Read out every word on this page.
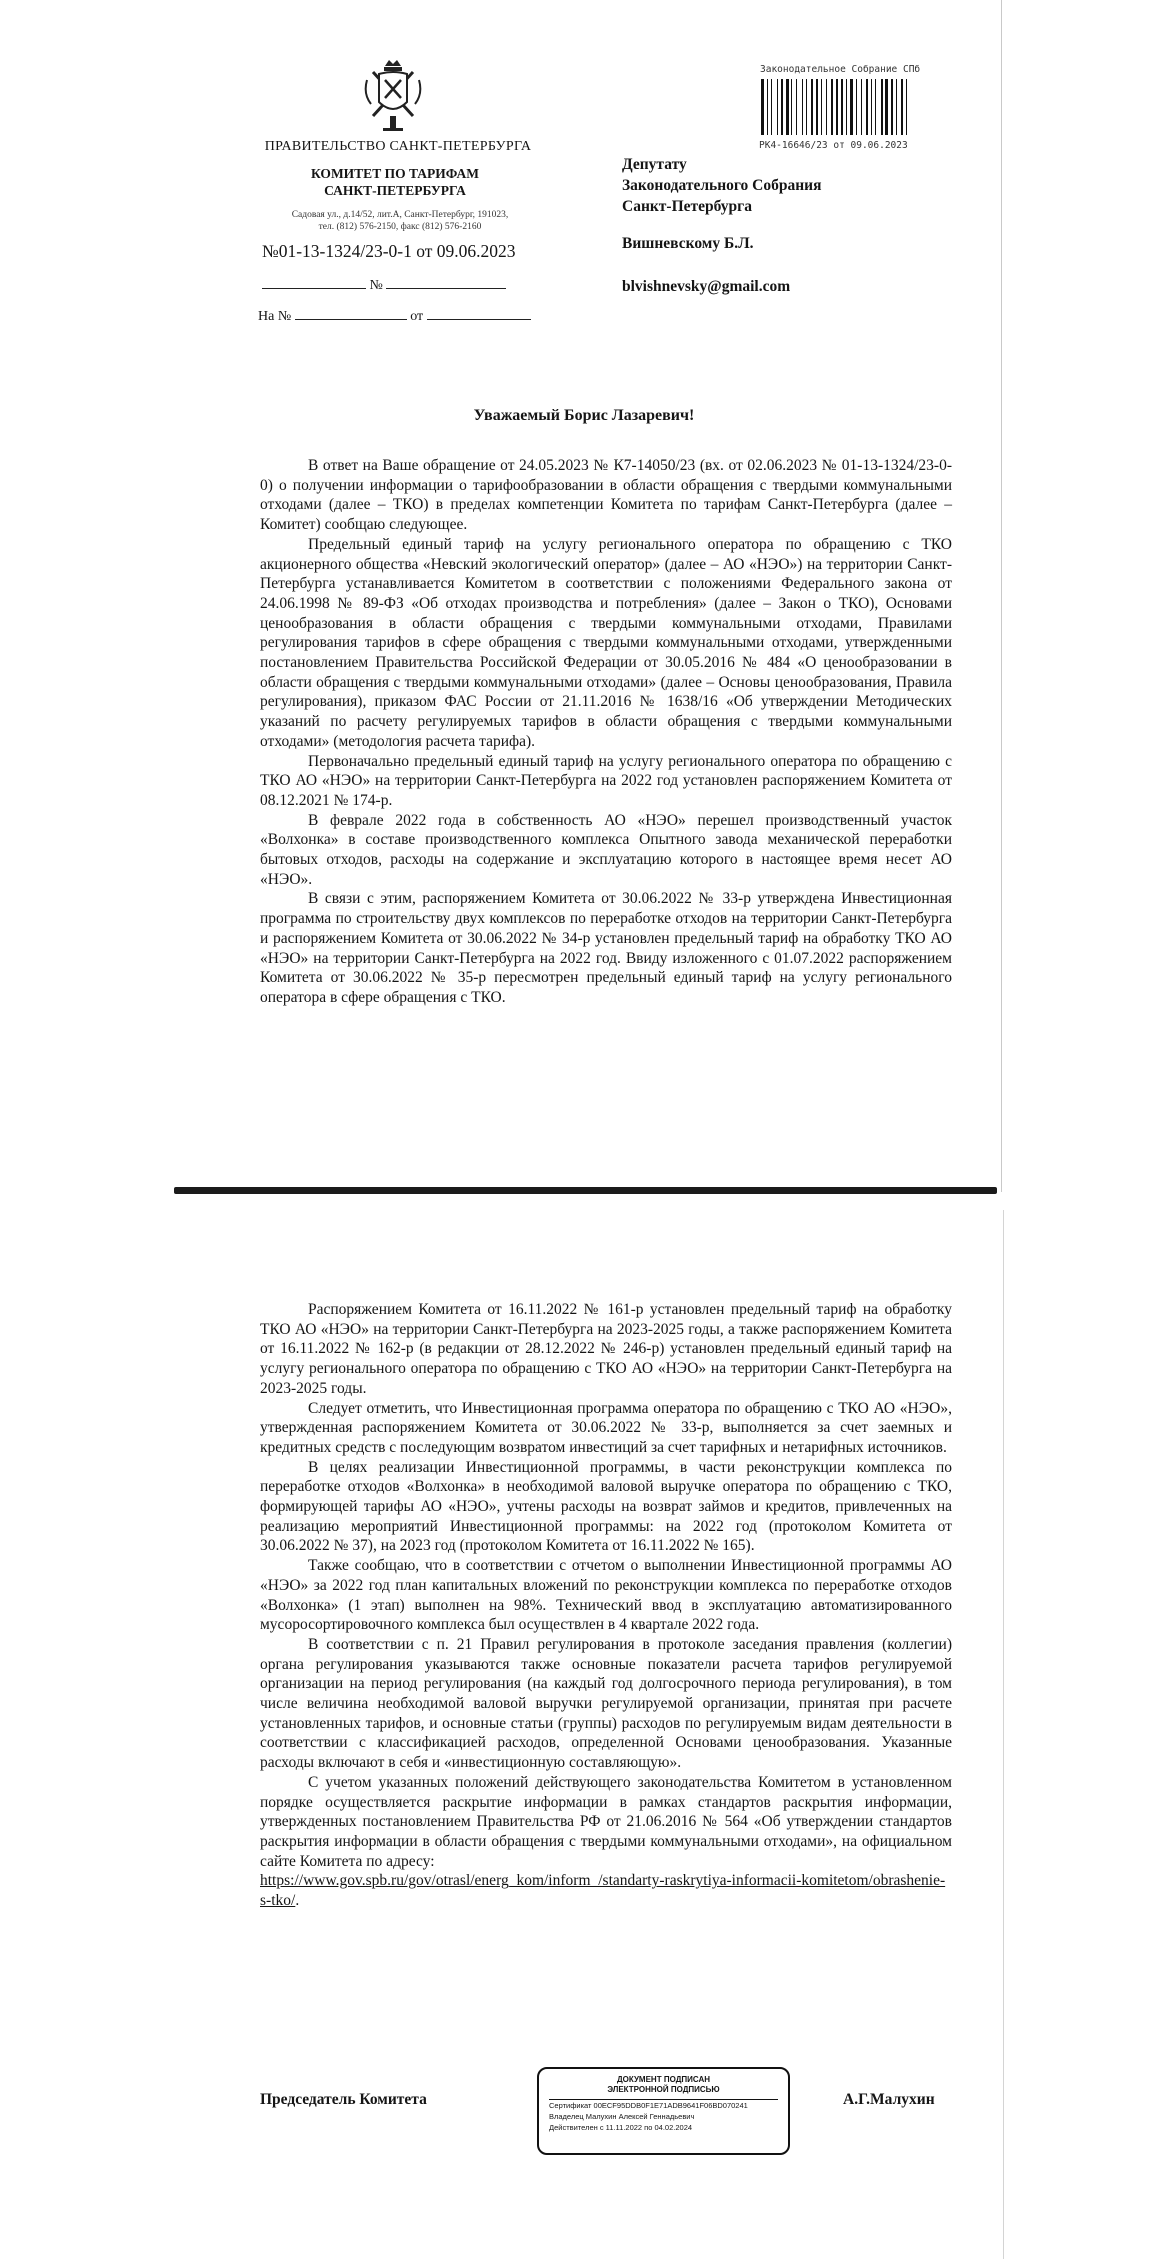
ПРАВИТЕЛЬСТВО САНКТ-ПЕТЕРБУРГА
КОМИТЕТ ПО ТАРИФАМ
САНКТ-ПЕТЕРБУРГА
Садовая ул., д.14/52, лит.А, Санкт-Петербург, 191023,
тел. (812) 576-2150, факс (812) 576-2160
№01-13-1324/23-0-1 от 09.06.2023
№
На №	от
Законодательное Собрание СПб
РК4-16646/23 от 09.06.2023
Депутату
Законодательного Собрания
Санкт-Петербурга
Вишневскому Б.Л.
blvishnevsky@gmail.com
Уважаемый Борис Лазаревич!

В ответ на Ваше обращение от 24.05.2023 № К7-14050/23 (вх. от 02.06.2023 № 01-13-1324/23-0-0) о получении информации о тарифообразовании в области обращения с твердыми коммунальными отходами (далее – ТКО) в пределах компетенции Комитета по тарифам Санкт-Петербурга (далее – Комитет) сообщаю следующее.

Предельный единый тариф на услугу регионального оператора по обращению с ТКО акционерного общества «Невский экологический оператор» (далее – АО «НЭО») на территории Санкт-Петербурга устанавливается Комитетом в соответствии с положениями Федерального закона от 24.06.1998 № 89-ФЗ «Об отходах производства и потребления» (далее – Закон о ТКО), Основами ценообразования в области обращения с твердыми коммунальными отходами, Правилами регулирования тарифов в сфере обращения с твердыми коммунальными отходами, утвержденными постановлением Правительства Российской Федерации от 30.05.2016 № 484 «О ценообразовании в области обращения с твердыми коммунальными отходами» (далее – Основы ценообразования, Правила регулирования), приказом ФАС России от 21.11.2016 № 1638/16 «Об утверждении Методических указаний по расчету регулируемых тарифов в области обращения с твердыми коммунальными отходами» (методология расчета тарифа).

Первоначально предельный единый тариф на услугу регионального оператора по обращению с ТКО АО «НЭО» на территории Санкт-Петербурга на 2022 год установлен распоряжением Комитета от 08.12.2021 № 174-р.

В феврале 2022 года в собственность АО «НЭО» перешел производственный участок «Волхонка» в составе производственного комплекса Опытного завода механической переработки бытовых отходов, расходы на содержание и эксплуатацию которого в настоящее время несет АО «НЭО».

В связи с этим, распоряжением Комитета от 30.06.2022 № 33-р утверждена Инвестиционная программа по строительству двух комплексов по переработке отходов на территории Санкт-Петербурга и распоряжением Комитета от 30.06.2022 № 34-р установлен предельный тариф на обработку ТКО АО «НЭО» на территории Санкт-Петербурга на 2022 год. Ввиду изложенного с 01.07.2022 распоряжением Комитета от 30.06.2022 № 35-р пересмотрен предельный единый тариф на услугу регионального оператора в сфере обращения с ТКО.

Распоряжением Комитета от 16.11.2022 № 161-р установлен предельный тариф на обработку ТКО АО «НЭО» на территории Санкт-Петербурга на 2023-2025 годы, а также распоряжением Комитета от 16.11.2022 № 162-р (в редакции от 28.12.2022 № 246-р) установлен предельный единый тариф на услугу регионального оператора по обращению с ТКО АО «НЭО» на территории Санкт-Петербурга на 2023-2025 годы.

Следует отметить, что Инвестиционная программа оператора по обращению с ТКО АО «НЭО», утвержденная распоряжением Комитета от 30.06.2022 № 33-р, выполняется за счет заемных и кредитных средств с последующим возвратом инвестиций за счет тарифных и нетарифных источников.

В целях реализации Инвестиционной программы, в части реконструкции комплекса по переработке отходов «Волхонка» в необходимой валовой выручке оператора по обращению с ТКО, формирующей тарифы АО «НЭО», учтены расходы на возврат займов и кредитов, привлеченных на реализацию мероприятий Инвестиционной программы: на 2022 год (протоколом Комитета от 30.06.2022 № 37), на 2023 год (протоколом Комитета от 16.11.2022 № 165).

Также сообщаю, что в соответствии с отчетом о выполнении Инвестиционной программы АО «НЭО» за 2022 год план капитальных вложений по реконструкции комплекса по переработке отходов «Волхонка» (1 этап) выполнен на 98%. Технический ввод в эксплуатацию автоматизированного мусоросортировочного комплекса был осуществлен в 4 квартале 2022 года.

В соответствии с п. 21 Правил регулирования в протоколе заседания правления (коллегии) органа регулирования указываются также основные показатели расчета тарифов регулируемой организации на период регулирования (на каждый год долгосрочного периода регулирования), в том числе величина необходимой валовой выручки регулируемой организации, принятая при расчете установленных тарифов, и основные статьи (группы) расходов по регулируемым видам деятельности в соответствии с классификацией расходов, определенной Основами ценообразования. Указанные расходы включают в себя и «инвестиционную составляющую».

С учетом указанных положений действующего законодательства Комитетом в установленном порядке осуществляется раскрытие информации в рамках стандартов раскрытия информации, утвержденных постановлением Правительства РФ от 21.06.2016 № 564 «Об утверждении стандартов раскрытия информации в области обращения с твердыми коммунальными отходами», на официальном сайте Комитета по адресу:

https://www.gov.spb.ru/gov/otrasl/energ_kom/inform_/standarty-raskrytiya-informacii-komitetom/obrashenie-s-tko/.
Председатель Комитета
ДОКУМЕНТ ПОДПИСАН
ЭЛЕКТРОННОЙ ПОДПИСЬЮ
Сертификат 00ECF95DDB0F1E71ADB9641F06BD070241
Владелец Малухин Алексей Геннадьевич
Действителен с 11.11.2022 по 04.02.2024
А.Г.Малухин
